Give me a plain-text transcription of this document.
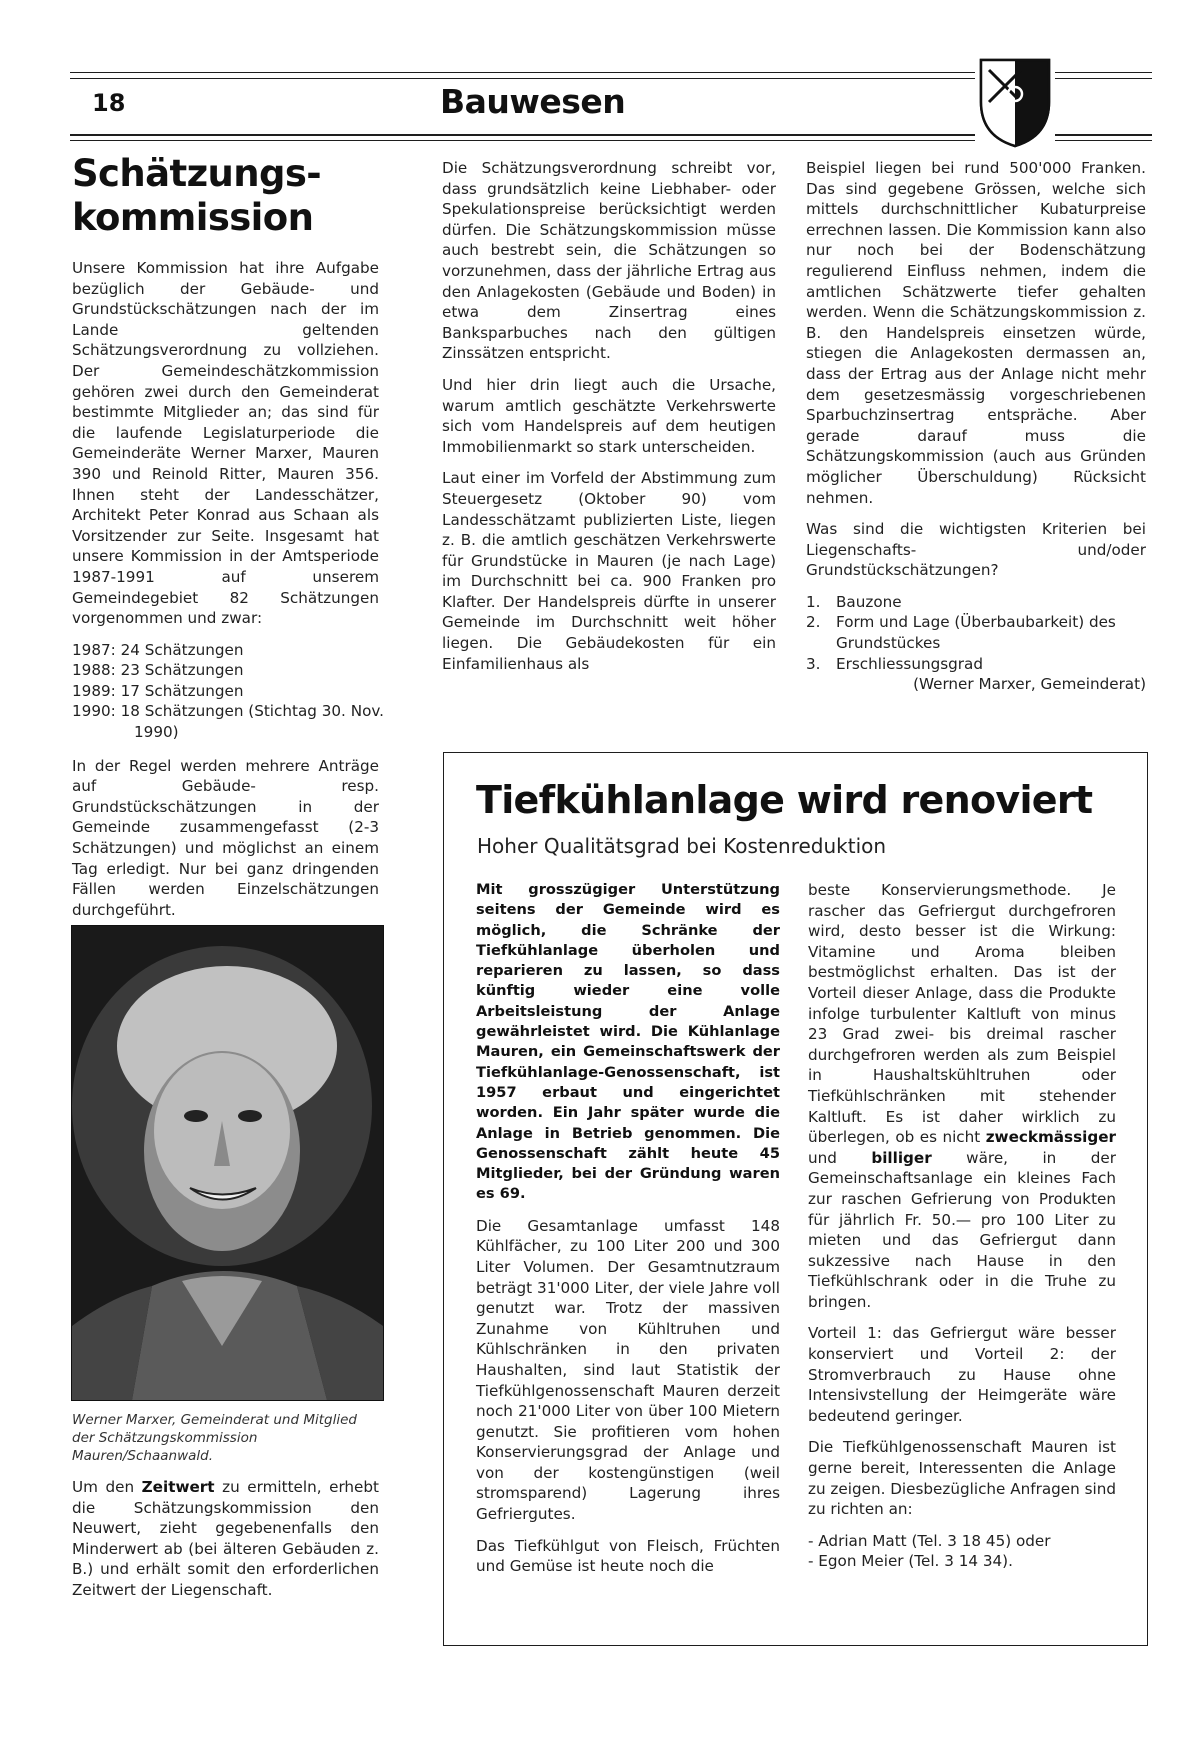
18	Bauwesen
Schätzungs-
kommission

Unsere Kommission hat ihre Aufgabe bezüglich der Gebäude- und Grundstückschätzungen nach der im Lande geltenden Schätzungsverordnung zu vollziehen. Der Gemeindeschätzkommission gehören zwei durch den Gemeinderat bestimmte Mitglieder an; das sind für die laufende Legislaturperiode die Gemeinderäte Werner Marxer, Mauren 390 und Reinold Ritter, Mauren 356. Ihnen steht der Landesschätzer, Architekt Peter Konrad aus Schaan als Vorsitzender zur Seite. Insgesamt hat unsere Kommission in der Amtsperiode 1987-1991 auf unserem Gemeindegebiet 82 Schätzungen vorgenommen und zwar:

1987: 24 Schätzungen
1988: 23 Schätzungen
1989: 17 Schätzungen
1990: 18 Schätzungen (Stichtag 30. Nov.
1990)

In der Regel werden mehrere Anträge auf Gebäude- resp. Grundstückschätzungen in der Gemeinde zusammengefasst (2-3 Schätzungen) und möglichst an einem Tag erledigt. Nur bei ganz dringenden Fällen werden Einzelschätzungen durchgeführt.

Werner Marxer, Gemeinderat und Mitglied der Schätzungskommission Mauren/Schaanwald.

Um den Zeitwert zu ermitteln, erhebt die Schätzungskommission den Neuwert, zieht gegebenenfalls den Minderwert ab (bei älteren Gebäuden z. B.) und erhält somit den erforderlichen Zeitwert der Liegenschaft.

Die Schätzungsverordnung schreibt vor, dass grundsätzlich keine Liebhaber- oder Spekulationspreise berücksichtigt werden dürfen. Die Schätzungskommission müsse auch bestrebt sein, die Schätzungen so vorzunehmen, dass der jährliche Ertrag aus den Anlagekosten (Gebäude und Boden) in etwa dem Zinsertrag eines Banksparbuches nach den gültigen Zinssätzen entspricht.

Und hier drin liegt auch die Ursache, warum amtlich geschätzte Verkehrswerte sich vom Handelspreis auf dem heutigen Immobilienmarkt so stark unterscheiden.

Laut einer im Vorfeld der Abstimmung zum Steuergesetz (Oktober 90) vom Landesschätzamt publizierten Liste, liegen z. B. die amtlich geschätzen Verkehrswerte für Grundstücke in Mauren (je nach Lage) im Durchschnitt bei ca. 900 Franken pro Klafter. Der Handelspreis dürfte in unserer Gemeinde im Durchschnitt weit höher liegen. Die Gebäudekosten für ein Einfamilienhaus als

Beispiel liegen bei rund 500'000 Franken. Das sind gegebene Grössen, welche sich mittels durchschnittlicher Kubaturpreise errechnen lassen. Die Kommission kann also nur noch bei der Bodenschätzung regulierend Einfluss nehmen, indem die amtlichen Schätzwerte tiefer gehalten werden. Wenn die Schätzungskommission z. B. den Handelspreis einsetzen würde, stiegen die Anlagekosten dermassen an, dass der Ertrag aus der Anlage nicht mehr dem gesetzesmässig vorgeschriebenen Sparbuchzinsertrag entspräche. Aber gerade darauf muss die Schätzungskommission (auch aus Gründen möglicher Überschuldung) Rücksicht nehmen.

Was sind die wichtigsten Kriterien bei Liegenschafts- und/oder Grundstückschätzungen?

1.	Bauzone
2.	Form und Lage (Überbaubarkeit) des Grundstückes
3.	Erschliessungsgrad
(Werner Marxer, Gemeinderat)
Tiefkühlanlage wird renoviert
Hoher Qualitätsgrad bei Kostenreduktion

Mit grosszügiger Unterstützung seitens der Gemeinde wird es möglich, die Schränke der Tiefkühlanlage überholen und reparieren zu lassen, so dass künftig wieder eine volle Arbeitsleistung der Anlage gewährleistet wird. Die Kühlanlage Mauren, ein Gemeinschaftswerk der Tiefkühlanlage-Genossenschaft, ist 1957 erbaut und eingerichtet worden. Ein Jahr später wurde die Anlage in Betrieb genommen. Die Genossenschaft zählt heute 45 Mitglieder, bei der Gründung waren es 69.

Die Gesamtanlage umfasst 148 Kühlfächer, zu 100 Liter 200 und 300 Liter Volumen. Der Gesamtnutzraum beträgt 31'000 Liter, der viele Jahre voll genutzt war. Trotz der massiven Zunahme von Kühltruhen und Kühlschränken in den privaten Haushalten, sind laut Statistik der Tiefkühlgenossenschaft Mauren derzeit noch 21'000 Liter von über 100 Mietern genutzt. Sie profitieren vom hohen Konservierungsgrad der Anlage und von der kostengünstigen (weil stromsparend) Lagerung ihres Gefriergutes.

Das Tiefkühlgut von Fleisch, Früchten und Gemüse ist heute noch die

beste Konservierungsmethode. Je rascher das Gefriergut durchgefroren wird, desto besser ist die Wirkung: Vitamine und Aroma bleiben bestmöglichst erhalten. Das ist der Vorteil dieser Anlage, dass die Produkte infolge turbulenter Kaltluft von minus 23 Grad zwei- bis dreimal rascher durchgefroren werden als zum Beispiel in Haushaltskühltruhen oder Tiefkühlschränken mit stehender Kaltluft. Es ist daher wirklich zu überlegen, ob es nicht zweckmässiger und billiger wäre, in der Gemeinschaftsanlage ein kleines Fach zur raschen Gefrierung von Produkten für jährlich Fr. 50.— pro 100 Liter zu mieten und das Gefriergut dann sukzessive nach Hause in den Tiefkühlschrank oder in die Truhe zu bringen.

Vorteil 1: das Gefriergut wäre besser konserviert und Vorteil 2: der Stromverbrauch zu Hause ohne Intensivstellung der Heimgeräte wäre bedeutend geringer.

Die Tiefkühlgenossenschaft Mauren ist gerne bereit, Interessenten die Anlage zu zeigen. Diesbezügliche Anfragen sind zu richten an:

- Adrian Matt (Tel. 3 18 45) oder
- Egon Meier (Tel. 3 14 34).
